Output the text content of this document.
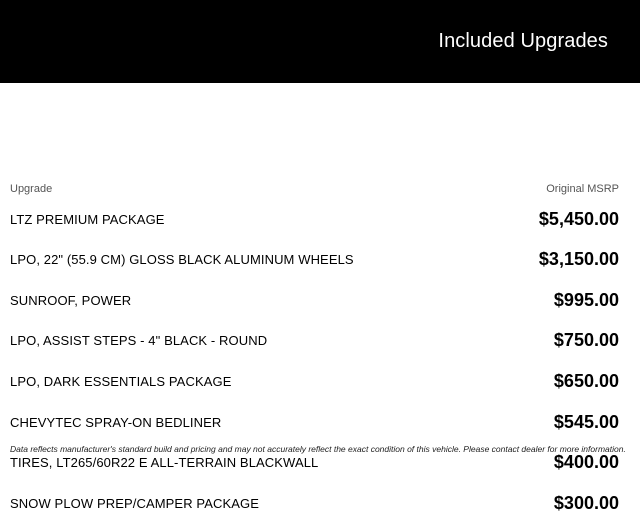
Included Upgrades
Upgrade	Original MSRP
LTZ PREMIUM PACKAGE	$5,450.00
LPO, 22" (55.9 CM) GLOSS BLACK ALUMINUM WHEELS	$3,150.00
SUNROOF, POWER	$995.00
LPO, ASSIST STEPS - 4" BLACK - ROUND	$750.00
LPO, DARK ESSENTIALS PACKAGE	$650.00
CHEVYTEC SPRAY-ON BEDLINER	$545.00
TIRES, LT265/60R22 E ALL-TERRAIN BLACKWALL	$400.00
SNOW PLOW PREP/CAMPER PACKAGE	$300.00
Data reflects manufacturer's standard build and pricing and may not accurately reflect the exact condition of this vehicle. Please contact dealer for more information.
